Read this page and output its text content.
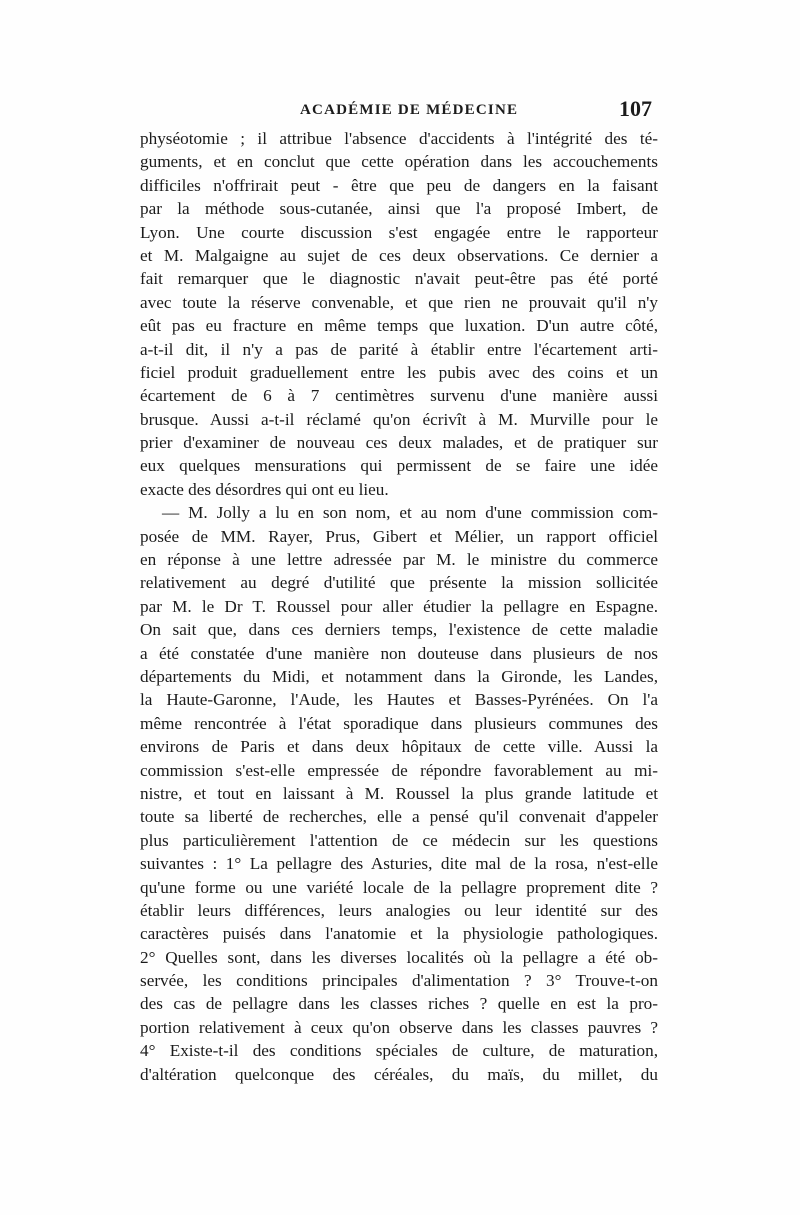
ACADÉMIE DE MÉDECINE	107
physéotomie ; il attribue l'absence d'accidents à l'intégrité des té-
guments, et en conclut que cette opération dans les accouchements
difficiles n'offrirait peut - être que peu de dangers en la faisant
par la méthode sous-cutanée, ainsi que l'a proposé Imbert, de
Lyon. Une courte discussion s'est engagée entre le rapporteur
et M. Malgaigne au sujet de ces deux observations. Ce dernier a
fait remarquer que le diagnostic n'avait peut-être pas été porté
avec toute la réserve convenable, et que rien ne prouvait qu'il n'y
eût pas eu fracture en même temps que luxation. D'un autre côté,
a-t-il dit, il n'y a pas de parité à établir entre l'écartement arti-
ficiel produit graduellement entre les pubis avec des coins et un
écartement de 6 à 7 centimètres survenu d'une manière aussi
brusque. Aussi a-t-il réclamé qu'on écrivît à M. Murville pour le
prier d'examiner de nouveau ces deux malades, et de pratiquer sur
eux quelques mensurations qui permissent de se faire une idée
exacte des désordres qui ont eu lieu.
— M. Jolly a lu en son nom, et au nom d'une commission com-
posée de MM. Rayer, Prus, Gibert et Mélier, un rapport officiel
en réponse à une lettre adressée par M. le ministre du commerce
relativement au degré d'utilité que présente la mission sollicitée
par M. le Dr T. Roussel pour aller étudier la pellagre en Espagne.
On sait que, dans ces derniers temps, l'existence de cette maladie
a été constatée d'une manière non douteuse dans plusieurs de nos
départements du Midi, et notamment dans la Gironde, les Landes,
la Haute-Garonne, l'Aude, les Hautes et Basses-Pyrénées. On l'a
même rencontrée à l'état sporadique dans plusieurs communes des
environs de Paris et dans deux hôpitaux de cette ville. Aussi la
commission s'est-elle empressée de répondre favorablement au mi-
nistre, et tout en laissant à M. Roussel la plus grande latitude et
toute sa liberté de recherches, elle a pensé qu'il convenait d'appeler
plus particulièrement l'attention de ce médecin sur les questions
suivantes : 1° La pellagre des Asturies, dite mal de la rosa, n'est-elle
qu'une forme ou une variété locale de la pellagre proprement dite ?
établir leurs différences, leurs analogies ou leur identité sur des
caractères puisés dans l'anatomie et la physiologie pathologiques.
2° Quelles sont, dans les diverses localités où la pellagre a été ob-
servée, les conditions principales d'alimentation ? 3° Trouve-t-on
des cas de pellagre dans les classes riches ? quelle en est la pro-
portion relativement à ceux qu'on observe dans les classes pauvres ?
4° Existe-t-il des conditions spéciales de culture, de maturation,
d'altération quelconque des céréales, du maïs, du millet, du
